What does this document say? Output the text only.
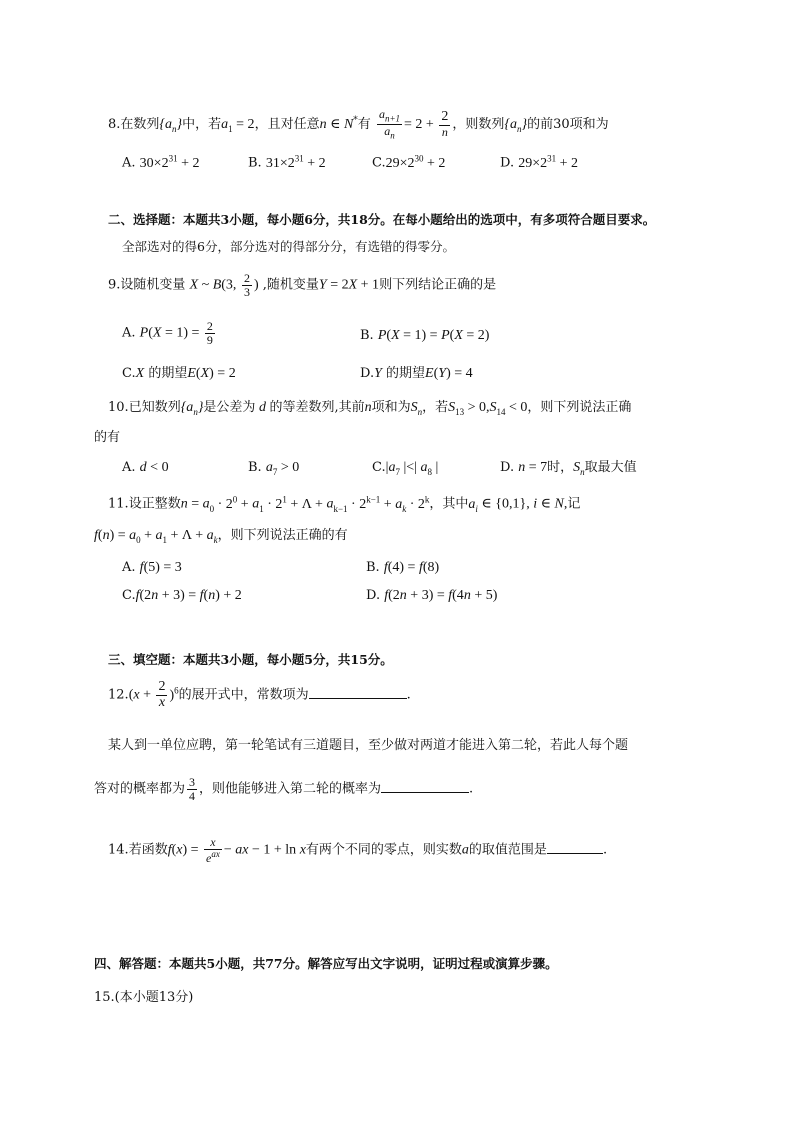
8.在数列$\{a_n\}$中，若$a_1 = 2$，且对任意n ∈ N*有 $\frac{a_{n+1}}{a_n} = 2 + \frac{2}{n}$ ，则数列$\{a_n\}$的前30项和为
A. $30\times 2^{31} + 2$	B. $31\times 2^{31} + 2$	$C.29\times 2^{30} + 2$	D. $29\times 2^{31} + 2$
二、选择题：本题共3小题，每小题6分，共18分。在每小题给出的选项中，有多项符合题目要求。
全部选对的得6分，部分选对的得部分分，有选错的得零分。
9.设随机变量 X ~ B(3, $\frac{2}{3}$ ) ,随机变量Y = 2X + 1则下列结论正确的是
A. $P(X = 1) = \frac{2}{9}$	B. P(X = 1) = P(X = 2)
C.X 的期望E(X) = 2	D.Y 的期望E(Y) = 4
10.已知数列$\{a_n\}$是公差为 d 的等差数列,其前n项和为$S_n$，若$S_{13} > 0,S_{14} < 0$，则下列说法正确
的有
A. d < 0	B. $a_7 > 0$	$C.|a_7$ |<| $a_8$ |	D. n = 7时，$S_n$取最大值
11.设正整数$n = a_0 \cdot 2^0 + a_1 \cdot 2^1 + \Lambda + a_{k-1} \cdot 2^{k-1} + a_k \cdot 2^k$，其中$a_i$ ∈ {0,1}, i ∈ N,记
$f(n) = a_0 + a_1 + \Lambda + a_k$，则下列说法正确的有
A. f(5) = 3	B. f(4) = f(8)
C.f(2n + 3) = f(n) + 2	D. f(2n + 3) = f(4n + 5)
三、填空题：本题共3小题，每小题5分，共15分。
$12.(x + \frac{2}{x} )^6$的展开式中，常数项为	.
某人到一单位应聘，第一轮笔试有三道题目，至少做对两道才能进入第二轮，若此人每个题
答对的概率都为 $\frac{3}{4}$ ，则他能够进入第二轮的概率为	.
14.若函数$f(x) = \frac{x}{e^{ax}}$ − ax − 1 + ln x有两个不同的零点，则实数a的取值范围是	.
四、解答题：本题共5小题，共77分。解答应写出文字说明，证明过程或演算步骤。
15.(本小题13分)
